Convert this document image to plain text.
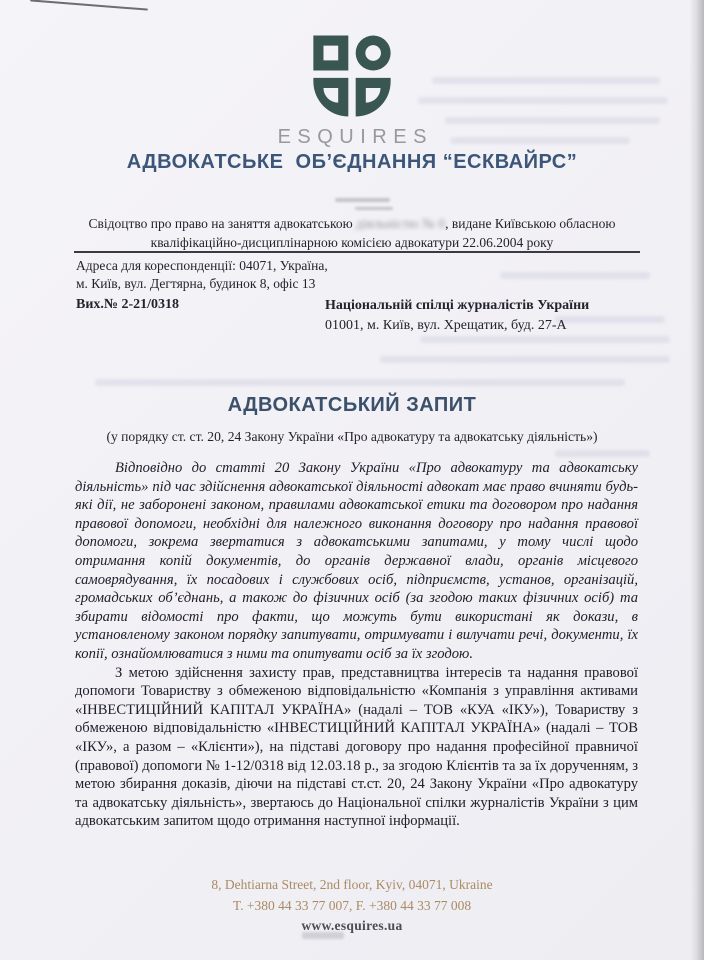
ESQUIRES
АДВОКАТСЬКЕ  ОБ’ЄДНАННЯ “ЕСКВАЙРС”
Свідоцтво про право на заняття адвокатською діяльністю № 0, видане Київською обласною
кваліфікаційно-дисциплінарною комісією адвокатури 22.06.2004 року
Адреса для кореспонденції: 04071, Україна,
м. Київ, вул. Дегтярна, будинок 8, офіс 13
Вих.№ 2-21/0318	Національній спілці журналістів України
01001, м. Київ, вул. Хрещатик, буд. 27-А
АДВОКАТСЬКИЙ ЗАПИТ
(у порядку ст. ст. 20, 24 Закону України «Про адвокатуру та адвокатську діяльність»)

Відповідно до статті 20 Закону України «Про адвокатуру та адвокатську діяльність» під час здійснення адвокатської діяльності адвокат має право вчиняти будь-які дії, не заборонені законом, правилами адвокатської етики та договором про надання правової допомоги, необхідні для належного виконання договору про надання правової допомоги, зокрема звертатися з адвокатськими запитами, у тому числі щодо отримання копій документів, до органів державної влади, органів місцевого самоврядування, їх посадових і службових осіб, підприємств, установ, організацій, громадських об’єднань, а також до фізичних осіб (за згодою таких фізичних осіб) та збирати відомості про факти, що можуть бути використані як докази, в установленому законом порядку запитувати, отримувати і вилучати речі, документи, їх копії, ознайомлюватися з ними та опитувати осіб за їх згодою.

З метою здійснення захисту прав, представництва інтересів та надання правової допомоги Товариству з обмеженою відповідальністю «Компанія з управління активами «ІНВЕСТИЦІЙНИЙ КАПІТАЛ УКРАЇНА» (надалі – ТОВ «КУА «ІКУ»), Товариству з обмеженою відповідальністю «ІНВЕСТИЦІЙНИЙ КАПІТАЛ УКРАЇНА» (надалі – ТОВ «ІКУ», а разом – «Клієнти»), на підставі договору про надання професійної правничої (правової) допомоги № 1-12/0318 від 12.03.18 р., за згодою Клієнтів та за їх дорученням, з метою збирання доказів, діючи на підставі ст.ст. 20, 24 Закону України «Про адвокатуру та адвокатську діяльність», звертаюсь до Національної спілки журналістів України з цим адвокатським запитом щодо отримання наступної інформації.

8, Dehtiarna Street, 2nd floor, Kyiv, 04071, Ukraine
T. +380 44 33 77 007, F. +380 44 33 77 008
www.esquires.ua
